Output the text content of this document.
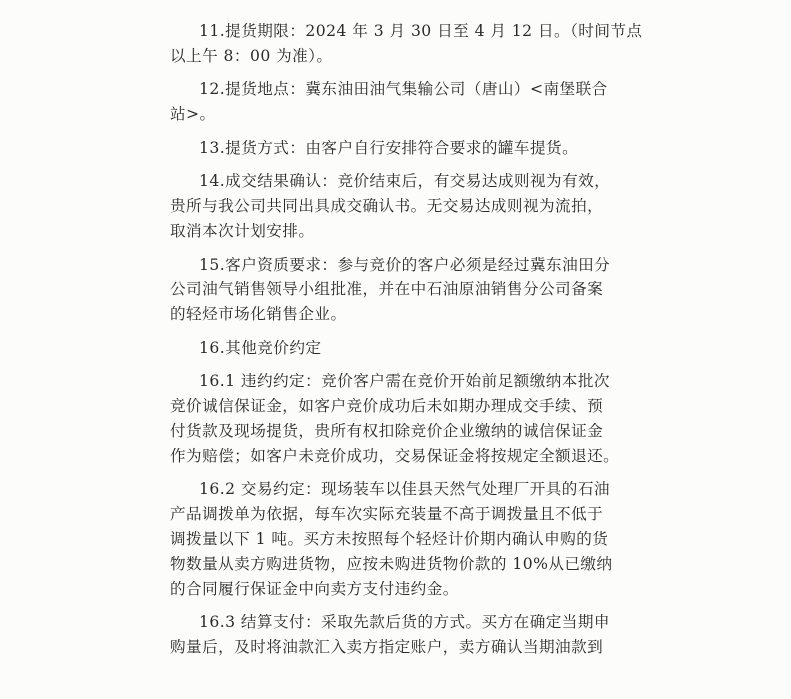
11.提货期限：2024 年 3 月 30 日至 4 月 12 日。（时间节点
以上午 8：00 为准）。
12.提货地点：冀东油田油气集输公司（唐山）<南堡联合
站>。
13.提货方式：由客户自行安排符合要求的罐车提货。
14.成交结果确认：竞价结束后，有交易达成则视为有效，
贵所与我公司共同出具成交确认书。无交易达成则视为流拍，
取消本次计划安排。
15.客户资质要求：参与竞价的客户必须是经过冀东油田分
公司油气销售领导小组批准，并在中石油原油销售分公司备案
的轻烃市场化销售企业。
16.其他竞价约定
16.1 违约约定：竞价客户需在竞价开始前足额缴纳本批次
竞价诚信保证金，如客户竞价成功后未如期办理成交手续、预
付货款及现场提货，贵所有权扣除竞价企业缴纳的诚信保证金
作为赔偿；如客户未竞价成功，交易保证金将按规定全额退还。
16.2 交易约定：现场装车以佳县天然气处理厂开具的石油
产品调拨单为依据，每车次实际充装量不高于调拨量且不低于
调拨量以下 1 吨。买方未按照每个轻烃计价期内确认申购的货
物数量从卖方购进货物，应按未购进货物价款的 10%从已缴纳
的合同履行保证金中向卖方支付违约金。
16.3 结算支付：采取先款后货的方式。买方在确定当期申
购量后，及时将油款汇入卖方指定账户，卖方确认当期油款到
